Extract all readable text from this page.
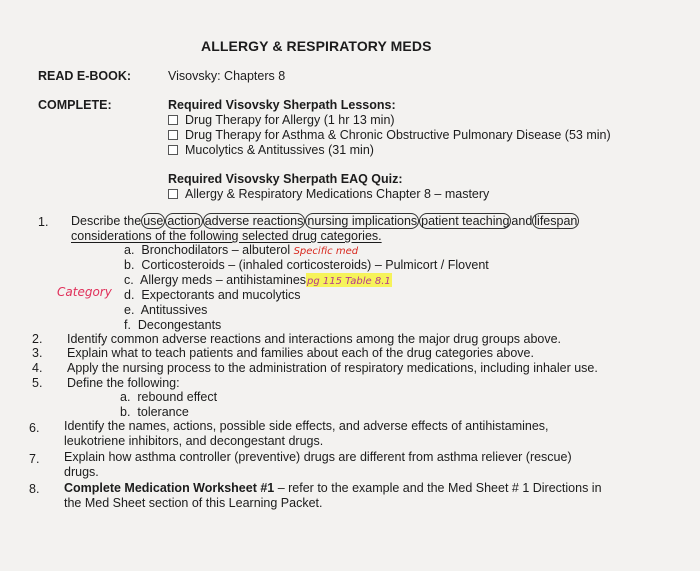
ALLERGY & RESPIRATORY MEDS
READ E-BOOK:	Visovsky: Chapters 8
COMPLETE:	Required Visovsky Sherpath Lessons:
Drug Therapy for Allergy (1 hr 13 min)
Drug Therapy for Asthma & Chronic Obstructive Pulmonary Disease (53 min)
Mucolytics & Antitussives (31 min)
Required Visovsky Sherpath EAQ Quiz:
Allergy & Respiratory Medications Chapter 8 – mastery
1. Describe the use action adverse reactions nursing implications patient teaching and lifespan
considerations of the following selected drug categories.
a. Bronchodilators – albuterol Specific med
b. Corticosteroids – (inhaled corticosteroids) – Pulmicort / Flovent
c. Allergy meds – antihistaminespg 115 Table 8.1
Category d. Expectorants and mucolytics
e. Antitussives
f. Decongestants
2. Identify common adverse reactions and interactions among the major drug groups above.
3. Explain what to teach patients and families about each of the drug categories above.
4. Apply the nursing process to the administration of respiratory medications, including inhaler use.
5. Define the following:
a. rebound effect
b. tolerance
6. Identify the names, actions, possible side effects, and adverse effects of antihistamines,
leukotriene inhibitors, and decongestant drugs.
7. Explain how asthma controller (preventive) drugs are different from asthma reliever (rescue)
drugs.
8. Complete Medication Worksheet #1 – refer to the example and the Med Sheet # 1 Directions in
the Med Sheet section of this Learning Packet.
